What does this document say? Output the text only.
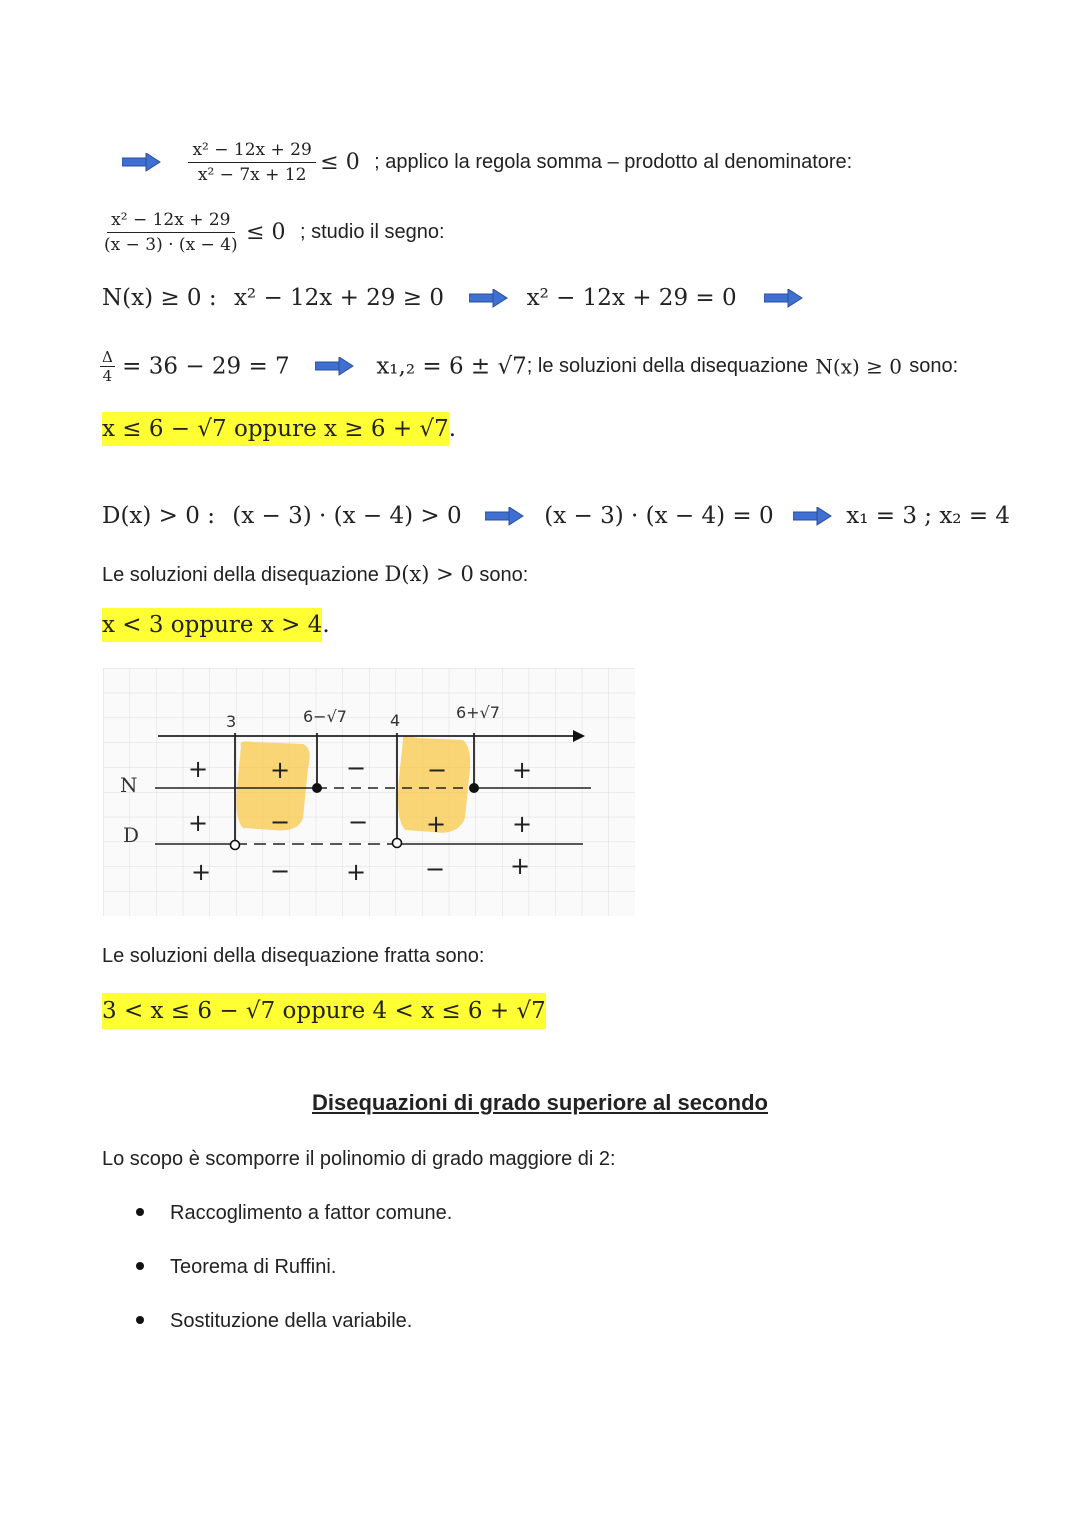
$\frac{\text{x² − 12x + 29}}{\text{x² − 7x + 12}} \le 0$ ; applico la regola somma – prodotto al denominatore:
$\frac{\text{x² − 12x + 29}}{(x - 3) \cdot (x - 4)} \le 0$ ; studio il segno:
N(x) ≥ 0 : x² − 12x + 29 ≥ 0	x² − 12x + 29 = 0
$\frac{\Delta}{4} = 36 - 29 = 7$	x₁,₂ = 6 ± √7; le soluzioni della disequazione N(x) ≥ 0 sono:
x ≤ 6 − √7 oppure x ≥ 6 + √7.
D(x) > 0 : (x − 3) · (x − 4) > 0	(x − 3) · (x − 4) = 0	x₁ = 3 ; x₂ = 4
Le soluzioni della disequazione D(x) > 0 sono:
x < 3 oppure x > 4.
3	6−√7	4	6+√7
N
D
+	+ −	−	+
+	− − +	+
+ − + −	+
Le soluzioni della disequazione fratta sono:
3 < x ≤ 6 − √7 oppure 4 < x ≤ 6 + √7
Disequazioni di grado superiore al secondo
Lo scopo è scomporre il polinomio di grado maggiore di 2:
Raccoglimento a fattor comune.
Teorema di Ruffini.
Sostituzione della variabile.
